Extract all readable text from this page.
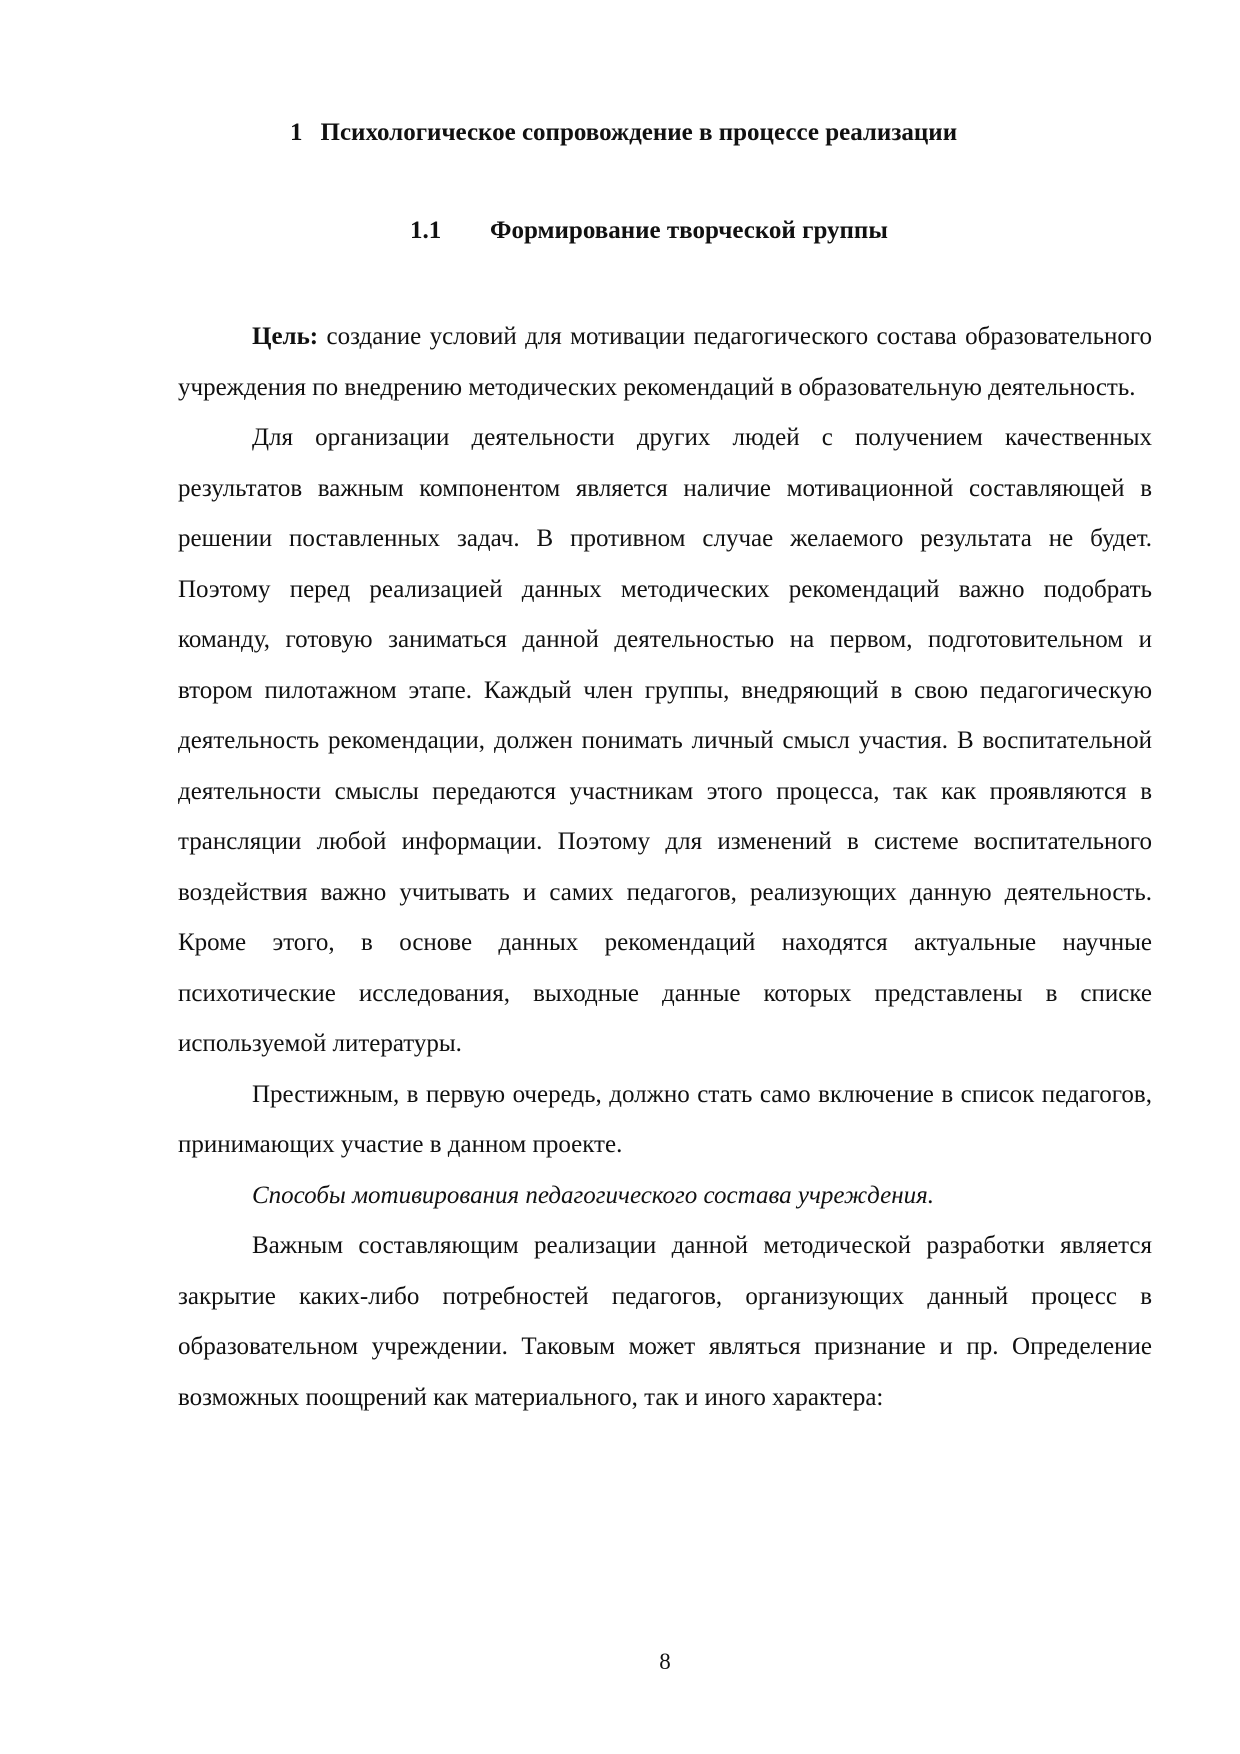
1 Психологическое сопровождение в процессе реализации
1.1 Формирование творческой группы

Цель: создание условий для мотивации педагогического состава образовательного учреждения по внедрению методических рекомендаций в образовательную деятельность.

Для организации деятельности других людей с получением качественных результатов важным компонентом является наличие мотивационной составляющей в решении поставленных задач. В противном случае желаемого результата не будет. Поэтому перед реализацией данных методических рекомендаций важно подобрать команду, готовую заниматься данной деятельностью на первом, подготовительном и втором пилотажном этапе. Каждый член группы, внедряющий в свою педагогическую деятельность рекомендации, должен понимать личный смысл участия. В воспитательной деятельности смыслы передаются участникам этого процесса, так как проявляются в трансляции любой информации. Поэтому для изменений в системе воспитательного воздействия важно учитывать и самих педагогов, реализующих данную деятельность. Кроме этого, в основе данных рекомендаций находятся актуальные научные психотические исследования, выходные данные которых представлены в списке используемой литературы.

Престижным, в первую очередь, должно стать само включение в список педагогов, принимающих участие в данном проекте.

Способы мотивирования педагогического состава учреждения.

Важным составляющим реализации данной методической разработки является закрытие каких-либо потребностей педагогов, организующих данный процесс в образовательном учреждении. Таковым может являться признание и пр. Определение возможных поощрений как материального, так и иного характера:

8
